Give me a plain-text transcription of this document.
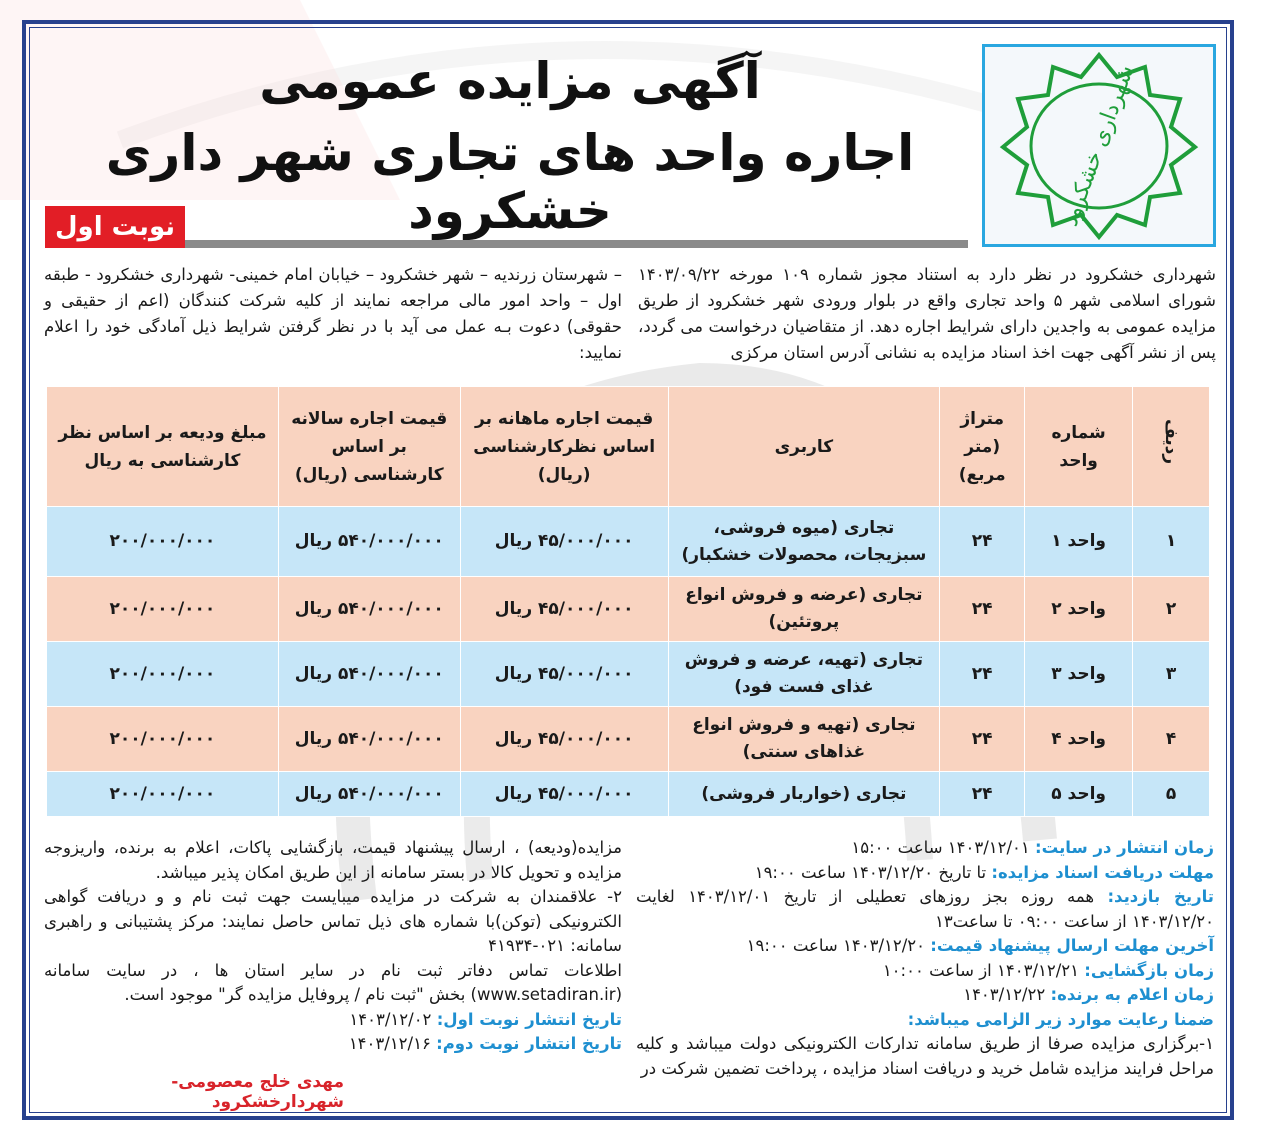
شهرداری خشکرود
آگهی مزایده عمومی
اجاره واحد های تجاری شهر داری خشکرود
نوبت اول
شهرداری خشکرود در نظر دارد به استناد مجوز شماره ۱۰۹ مورخه ۱۴۰۳/۰۹/۲۲ شورای اسلامی شهر ۵ واحد تجاری واقع در بلوار ورودی شهر خشکرود از طریق مزایده عمومی به واجدین دارای شرایط اجاره دهد. از متقاضیان درخواست می گردد، پس از نشر آگهی جهت اخذ اسناد مزایده به نشانی آدرس استان مرکزی
– شهرستان زرندیه – شهر خشکرود – خیابان امام خمینی- شهرداری خشکرود - طبقه اول – واحد امور مالی مراجعه نمایند از کلیه شرکت کنندگان (اعم از حقیقی و حقوقی) دعوت بـه عمل می آید با در نظر گرفتن شرایط ذیل آمادگی خود را اعلام نمایید:
ردیف	شماره واحد	متراژ (متر مربع)	کاربری	قیمت اجاره ماهانه بر اساس نظرکارشناسی (ریال)	قیمت اجاره سالانه بر اساس کارشناسی (ریال)	مبلغ ودیعه بر اساس نظر کارشناسی به ریال
۱	واحد ۱	۲۴	تجاری (میوه فروشی، سبزیجات، محصولات خشکبار)	۴۵/۰۰۰/۰۰۰ ریال	۵۴۰/۰۰۰/۰۰۰ ریال	۲۰۰/۰۰۰/۰۰۰
۲	واحد ۲	۲۴	تجاری (عرضه و فروش انواع پروتئین)	۴۵/۰۰۰/۰۰۰ ریال	۵۴۰/۰۰۰/۰۰۰ ریال	۲۰۰/۰۰۰/۰۰۰
۳	واحد ۳	۲۴	تجاری (تهیه، عرضه و فروش غذای فست فود)	۴۵/۰۰۰/۰۰۰ ریال	۵۴۰/۰۰۰/۰۰۰ ریال	۲۰۰/۰۰۰/۰۰۰
۴	واحد ۴	۲۴	تجاری (تهیه و فروش انواع غذاهای سنتی)	۴۵/۰۰۰/۰۰۰ ریال	۵۴۰/۰۰۰/۰۰۰ ریال	۲۰۰/۰۰۰/۰۰۰
۵	واحد ۵	۲۴	تجاری (خواربار فروشی)	۴۵/۰۰۰/۰۰۰ ریال	۵۴۰/۰۰۰/۰۰۰ ریال	۲۰۰/۰۰۰/۰۰۰
زمان انتشار در سایت: ۱۴۰۳/۱۲/۰۱ ساعت ۱۵:۰۰
مهلت دریافت اسناد مزایده: تا تاریخ ۱۴۰۳/۱۲/۲۰ ساعت ۱۹:۰۰
تاریخ بازدید: همه روزه بجز روزهای تعطیلی از تاریخ ۱۴۰۳/۱۲/۰۱ لغایت ۱۴۰۳/۱۲/۲۰ از ساعت ۰۹:۰۰ تا ساعت۱۳
آخرین مهلت ارسال پیشنهاد قیمت: ۱۴۰۳/۱۲/۲۰ ساعت ۱۹:۰۰
زمان بازگشایی: ۱۴۰۳/۱۲/۲۱ از ساعت ۱۰:۰۰
زمان اعلام به برنده: ۱۴۰۳/۱۲/۲۲
ضمنا رعایت موارد زیر الزامی میباشد:
۱-برگزاری مزایده صرفا از طریق سامانه تدارکات الکترونیکی دولت میباشد و کلیه مراحل فرایند مزایده شامل خرید و دریافت اسناد مزایده ، پرداخت تضمین شرکت در
مزایده(ودیعه) ، ارسال پیشنهاد قیمت، بازگشایی پاکات، اعلام به برنده، واریزوجه مزایده و تحویل کالا در بستر سامانه از این طریق امکان پذیر میباشد.
۲- علاقمندان به شرکت در مزایده میبایست جهت ثبت نام و و دریافت گواهی الکترونیکی (توکن)با شماره های ذیل تماس حاصل نمایند: مرکز پشتیبانی و راهبری سامانه: ۰۲۱-۴۱۹۳۴
اطلاعات تماس دفاتر ثبت نام در سایر استان ها ، در سایت سامانه (www.setadiran.ir) بخش "ثبت نام / پروفایل مزایده گر" موجود است.
تاریخ انتشار نوبت اول: ۱۴۰۳/۱۲/۰۲
تاریخ انتشار نوبت دوم: ۱۴۰۳/۱۲/۱۶
مهدی خلج معصومی- شهردارخشکرود
